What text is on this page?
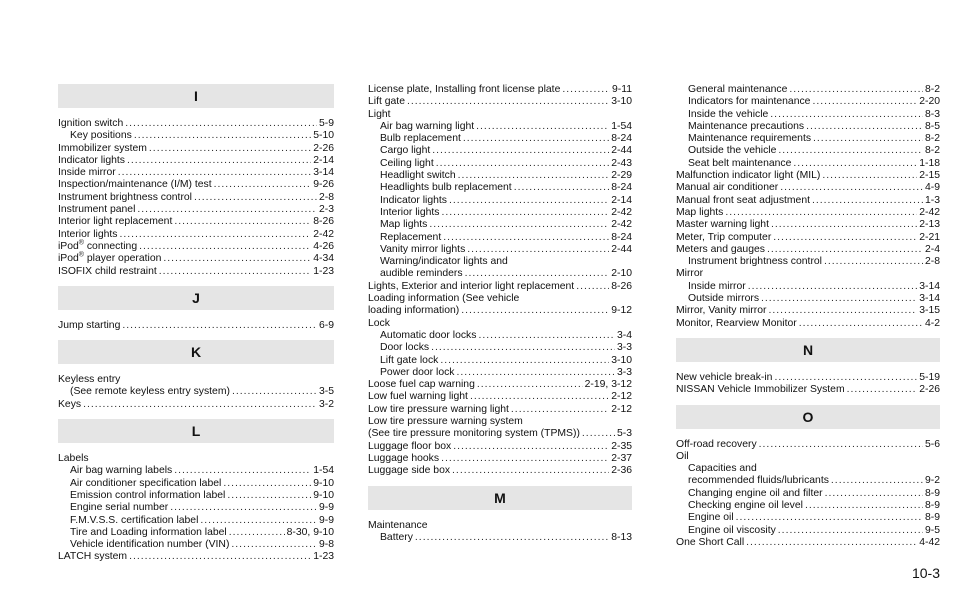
I
Ignition switch .....	5-9
Key positions .....	5-10
Immobilizer system .....	2-26
Indicator lights .....	2-14
Inside mirror .....	3-14
Inspection/maintenance (I/M) test .....	9-26
Instrument brightness control .....	2-8
Instrument panel .....	2-3
Interior light replacement .....	8-26
Interior lights .....	2-42
iPod® connecting .....	4-26
iPod® player operation .....	4-34
ISOFIX child restraint .....	1-23
J
Jump starting .....	6-9
K
Keyless entry
(See remote keyless entry system) .....	3-5
Keys .....	3-2
L
Labels
Air bag warning labels .....	1-54
Air conditioner specification label .....	9-10
Emission control information label .....	9-10
Engine serial number .....	9-9
F.M.V.S.S. certification label .....	9-9
Tire and Loading information label .....	8-30, 9-10
Vehicle identification number (VIN) .....	9-8
LATCH system .....	1-23
License plate, Installing front license plate .....	9-11
Lift gate .....	3-10
Light
Air bag warning light .....	1-54
Bulb replacement .....	8-24
Cargo light .....	2-44
Ceiling light .....	2-43
Headlight switch .....	2-29
Headlights bulb replacement .....	8-24
Indicator lights .....	2-14
Interior lights .....	2-42
Map lights .....	2-42
Replacement .....	8-24
Vanity mirror lights .....	2-44
Warning/indicator lights and
audible reminders .....	2-10
Lights, Exterior and interior light replacement .....	8-26
Loading information (See vehicle
loading information) .....	9-12
Lock
Automatic door locks .....	3-4
Door locks .....	3-3
Lift gate lock .....	3-10
Power door lock .....	3-3
Loose fuel cap warning .....	2-19, 3-12
Low fuel warning light .....	2-12
Low tire pressure warning light .....	2-12
Low tire pressure warning system
(See tire pressure monitoring system (TPMS)) .....	5-3
Luggage floor box .....	2-35
Luggage hooks .....	2-37
Luggage side box .....	2-36
M
Maintenance
Battery .....	8-13
General maintenance .....	8-2
Indicators for maintenance .....	2-20
Inside the vehicle .....	8-3
Maintenance precautions .....	8-5
Maintenance requirements .....	8-2
Outside the vehicle .....	8-2
Seat belt maintenance .....	1-18
Malfunction indicator light (MIL) .....	2-15
Manual air conditioner .....	4-9
Manual front seat adjustment .....	1-3
Map lights .....	2-42
Master warning light .....	2-13
Meter, Trip computer .....	2-21
Meters and gauges .....	2-4
Instrument brightness control .....	2-8
Mirror
Inside mirror .....	3-14
Outside mirrors .....	3-14
Mirror, Vanity mirror .....	3-15
Monitor, Rearview Monitor .....	4-2
N
New vehicle break-in .....	5-19
NISSAN Vehicle Immobilizer System .....	2-26
O
Off-road recovery .....	5-6
Oil
Capacities and
recommended fluids/lubricants .....	9-2
Changing engine oil and filter .....	8-9
Checking engine oil level .....	8-9
Engine oil .....	8-9
Engine oil viscosity .....	9-5
One Short Call .....	4-42
10-3
